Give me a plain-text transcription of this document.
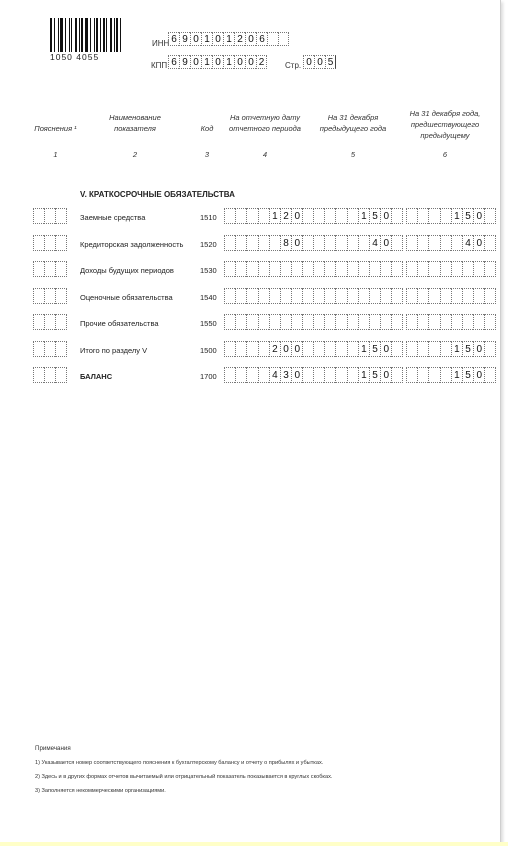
1050 4055
ИНН 6 9 0 1 0 1 2 0 6
КПП 6 9 0 1 0 1 0 0 2	Стр. 0 0 5
Пояснения ¹
Наименование показателя	Код
На отчетную дату отчетного периода
На 31 декабря предыдущего года
На 31 декабря года, предшествующего предыдущему
1	2	3	4	5	6
V. КРАТКОСРОЧНЫЕ ОБЯЗАТЕЛЬСТВА
Заемные средства	1510	1 2 0	1 5 0	1 5 0
Кредиторская задолженность 1520	8 0	4 0	4 0
Доходы будущих периодов	1530
Оценочные обязательства	1540
Прочие обязательства	1550
Итого по разделу V	1500	2 0 0	1 5 0	1 5 0
БАЛАНС	1700	4 3 0	1 5 0	1 5 0
Примечания
1) Указывается номер соответствующего пояснения к бухгалтерскому балансу и отчету о прибылях и убытках.
2) Здесь и в других формах отчетов вычитаемый или отрицательный показатель показывается в круглых скобках.
3) Заполняется некоммерческими организациями.
